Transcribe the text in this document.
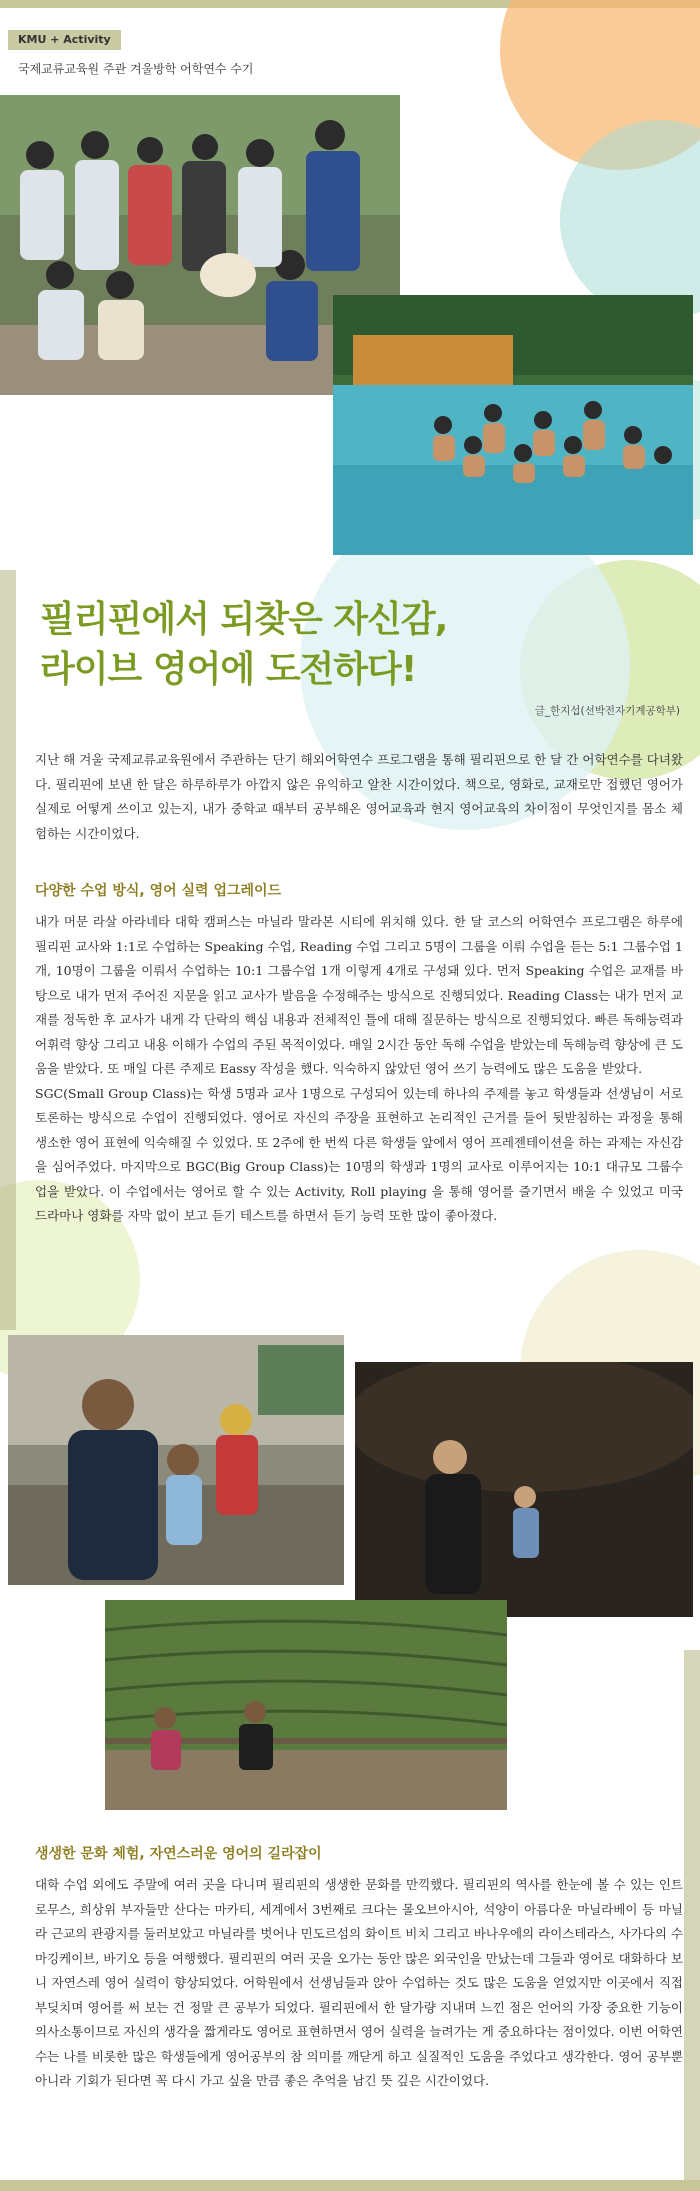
KMU + Activity
국제교류교육원 주관 겨울방학 어학연수 수기
필리핀에서 되찾은 자신감,
라이브 영어에 도전하다!
글_한지섭(선박전자기계공학부)
지난 해 겨울 국제교류교육원에서 주관하는 단기 해외어학연수 프로그램을 통해 필리핀으로 한 달 간 어학연수를 다녀왔다. 필리핀에 보낸 한 달은 하루하루가 아깝지 않은 유익하고 알찬 시간이었다. 책으로, 영화로, 교재로만 접했던 영어가 실제로 어떻게 쓰이고 있는지, 내가 중학교 때부터 공부해온 영어교육과 현지 영어교육의 차이점이 무엇인지를 몸소 체험하는 시간이었다.
다양한 수업 방식, 영어 실력 업그레이드
내가 머문 라살 아라네타 대학 캠퍼스는 마닐라 말라본 시티에 위치해 있다. 한 달 코스의 어학연수 프로그램은 하루에 필리핀 교사와 1:1로 수업하는 Speaking 수업, Reading 수업 그리고 5명이 그룹을 이뤄 수업을 듣는 5:1 그룹수업 1개, 10명이 그룹을 이뤄서 수업하는 10:1 그룹수업 1개 이렇게 4개로 구성돼 있다. 먼저 Speaking 수업은 교재를 바탕으로 내가 먼저 주어진 지문을 읽고 교사가 발음을 수정해주는 방식으로 진행되었다. Reading Class는 내가 먼저 교재를 정독한 후 교사가 내게 각 단락의 핵심 내용과 전체적인 틀에 대해 질문하는 방식으로 진행되었다. 빠른 독해능력과 어휘력 향상 그리고 내용 이해가 수업의 주된 목적이었다. 매일 2시간 동안 독해 수업을 받았는데 독해능력 향상에 큰 도움을 받았다. 또 매일 다른 주제로 Eassy 작성을 했다. 익숙하지 않았던 영어 쓰기 능력에도 많은 도움을 받았다.
SGC(Small Group Class)는 학생 5명과 교사 1명으로 구성되어 있는데 하나의 주제를 놓고 학생들과 선생님이 서로 토론하는 방식으로 수업이 진행되었다. 영어로 자신의 주장을 표현하고 논리적인 근거를 들어 뒷받침하는 과정을 통해 생소한 영어 표현에 익숙해질 수 있었다. 또 2주에 한 번씩 다른 학생들 앞에서 영어 프레젠테이션을 하는 과제는 자신감을 심어주었다. 마지막으로 BGC(Big Group Class)는 10명의 학생과 1명의 교사로 이루어지는 10:1 대규모 그룹수업을 받았다. 이 수업에서는 영어로 할 수 있는 Activity, Roll playing 을 통해 영어를 즐기면서 배울 수 있었고 미국 드라마나 영화를 자막 없이 보고 듣기 테스트를 하면서 듣기 능력 또한 많이 좋아졌다.
생생한 문화 체험, 자연스러운 영어의 길라잡이
대학 수업 외에도 주말에 여러 곳을 다니며 필리핀의 생생한 문화를 만끽했다. 필리핀의 역사를 한눈에 볼 수 있는 인트로무스, 희상위 부자들만 산다는 마카티, 세계에서 3번째로 크다는 몰오브아시아, 석양이 아름다운 마닐라베이 등 마닐라 근교의 관광지를 둘러보았고 마닐라를 벗어나 민도르섬의 화이트 비치 그리고 바나우에의 라이스테라스, 사가다의 수마깅케이브, 바기오 등을 여행했다. 필리핀의 여러 곳을 오가는 동안 많은 외국인을 만났는데 그들과 영어로 대화하다 보니 자연스레 영어 실력이 향상되었다. 어학원에서 선생님들과 앉아 수업하는 것도 많은 도움을 얻었지만 이곳에서 직접 부딪치며 영어를 써 보는 건 정말 큰 공부가 되었다. 필리핀에서 한 달가량 지내며 느낀 점은 언어의 가장 중요한 기능이 의사소통이므로 자신의 생각을 짧게라도 영어로 표현하면서 영어 실력을 늘려가는 게 중요하다는 점이었다. 이번 어학연수는 나를 비롯한 많은 학생들에게 영어공부의 참 의미를 깨닫게 하고 실질적인 도움을 주었다고 생각한다. 영어 공부뿐 아니라 기회가 된다면 꼭 다시 가고 싶을 만큼 좋은 추억을 남긴 뜻 깊은 시간이었다.
